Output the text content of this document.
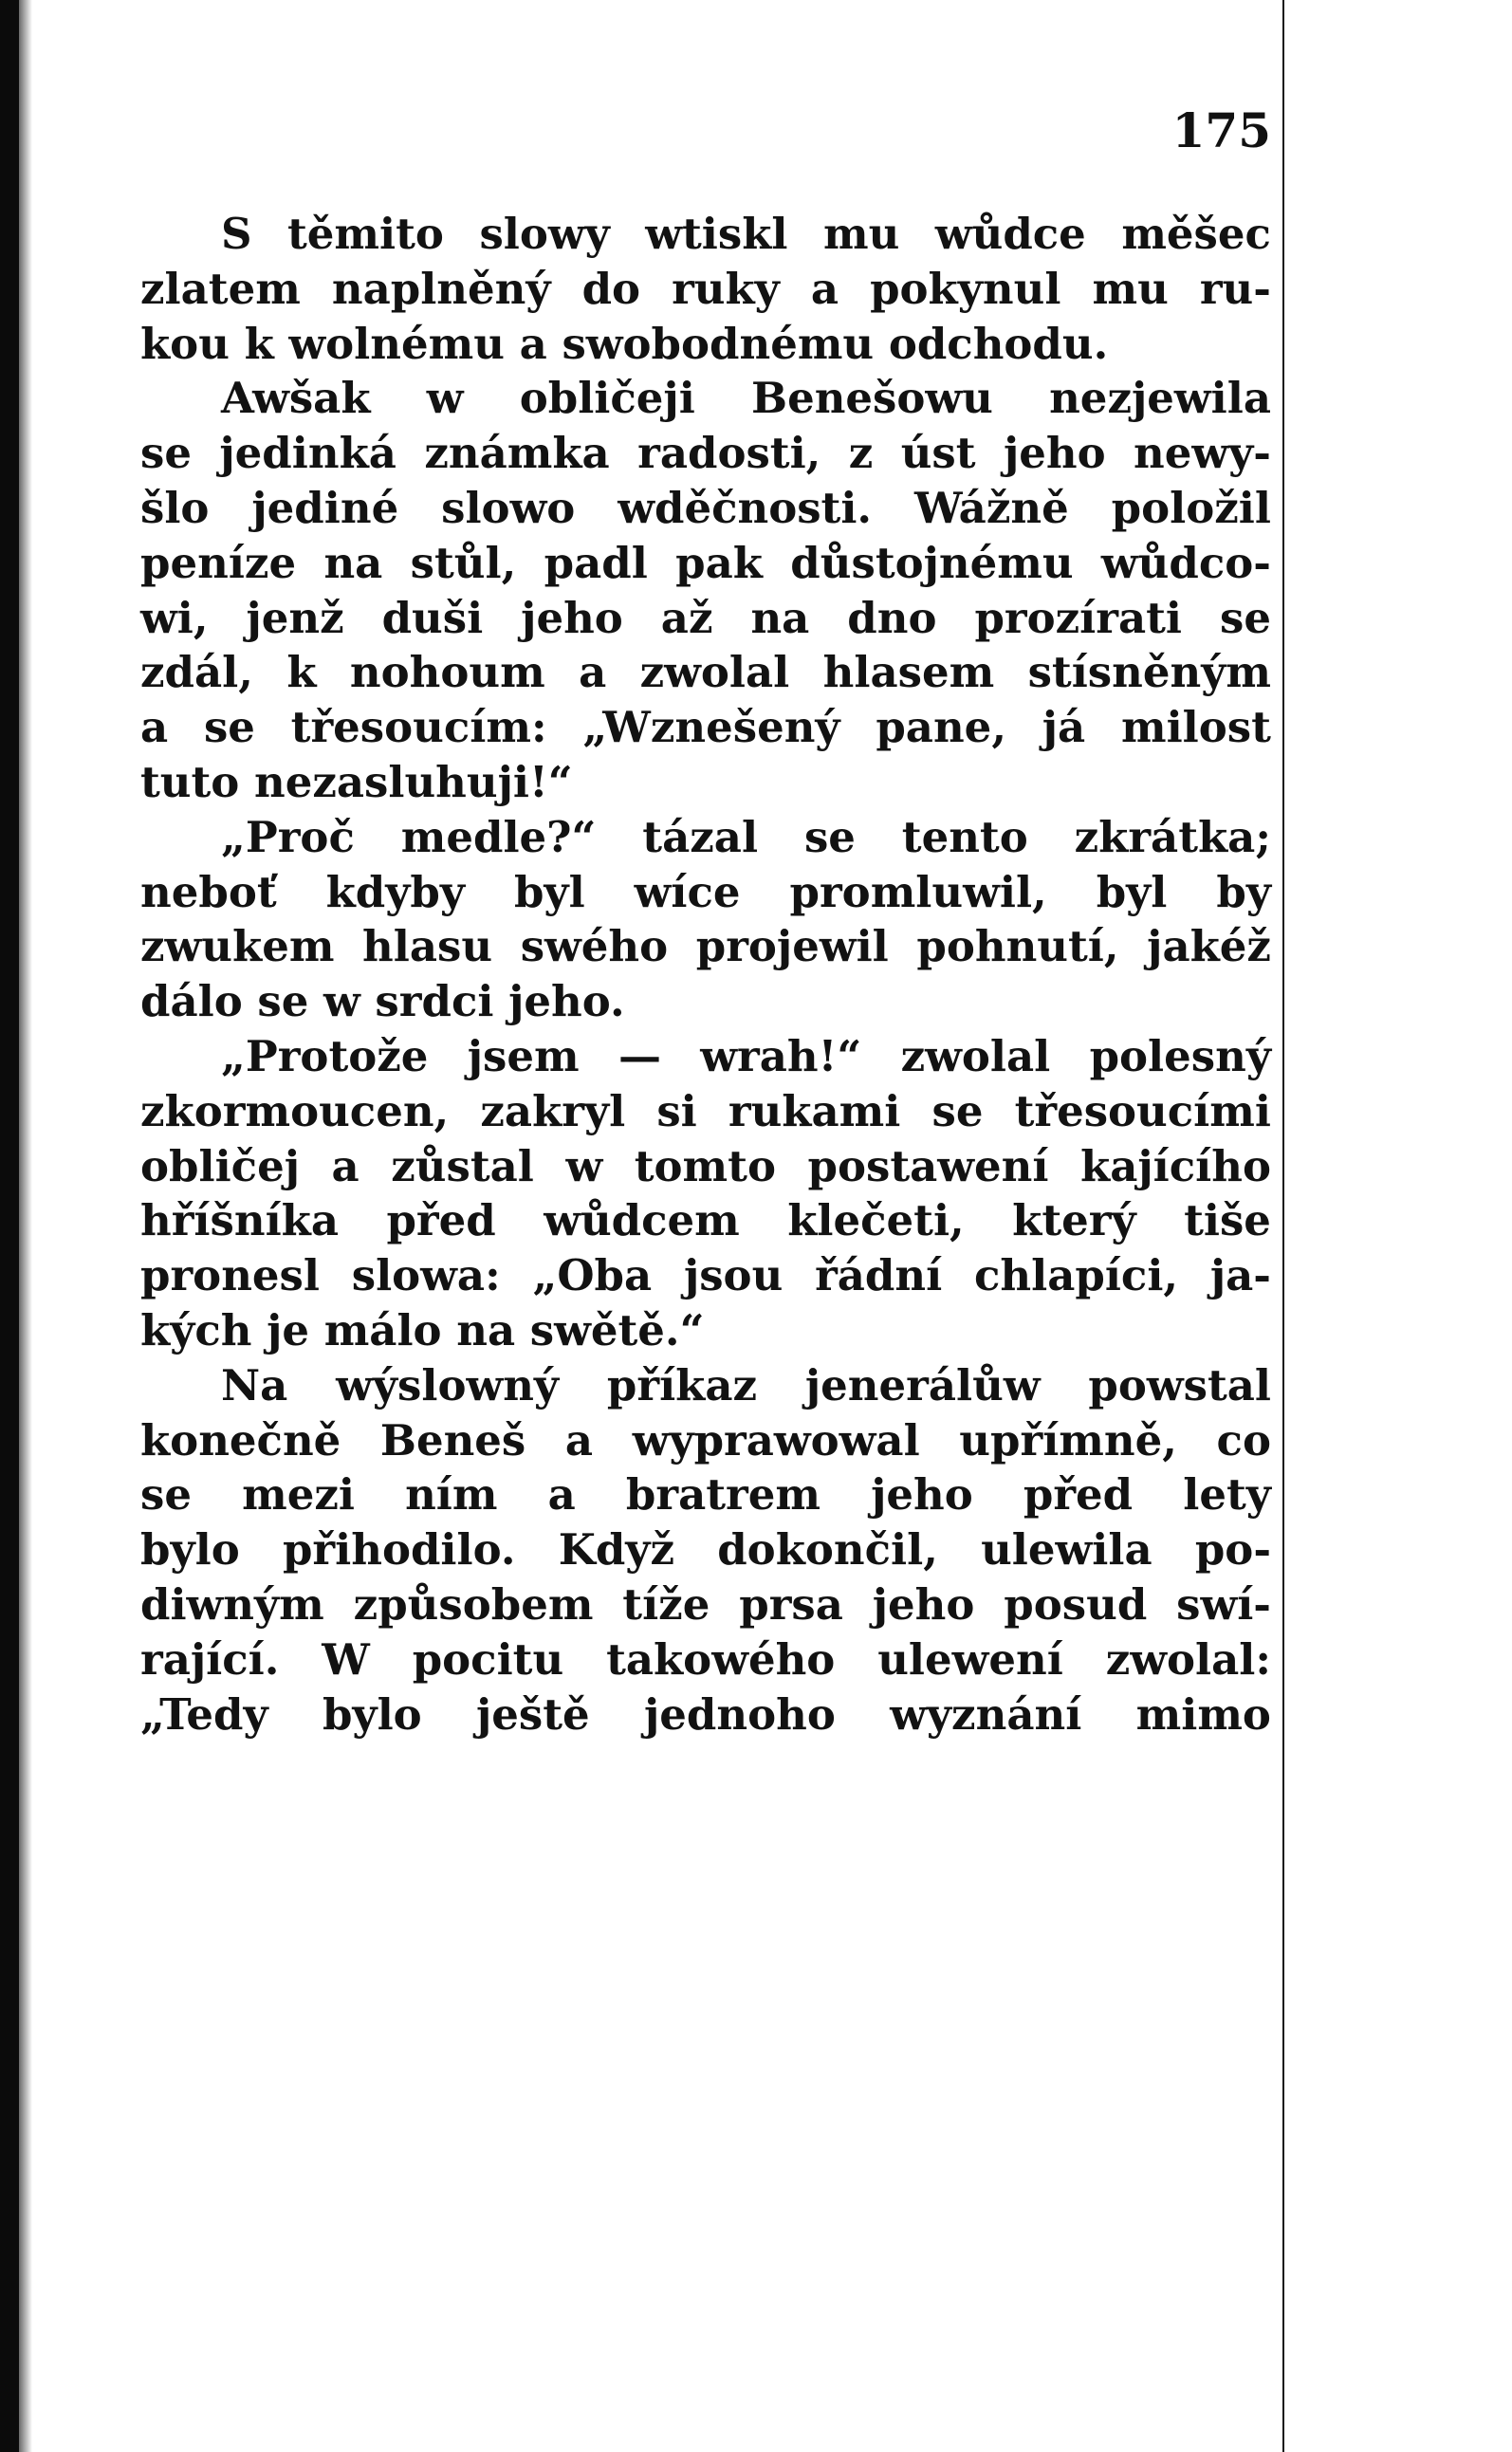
175
S těmito slowy wtiskl mu wůdce měšec
zlatem naplněný do ruky a pokynul mu ru-
kou k wolnému a swobodnému odchodu.
Awšak w obličeji Benešowu nezjewila
se jedinká známka radosti, z úst jeho newy-
šlo jediné slowo wděčnosti. Wážně položil
peníze na stůl, padl pak důstojnému wůdco-
wi, jenž duši jeho až na dno prozírati se
zdál, k nohoum a zwolal hlasem stísněným
a se třesoucím: „Wznešený pane, já milost
tuto nezasluhuji!“
„Proč medle?“ tázal se tento zkrátka;
neboť kdyby byl wíce promluwil, byl by
zwukem hlasu swého projewil pohnutí, jakéž
dálo se w srdci jeho.
„Protože jsem — wrah!“ zwolal polesný
zkormoucen, zakryl si rukami se třesoucími
obličej a zůstal w tomto postawení kajícího
hříšníka před wůdcem klečeti, který tiše
pronesl slowa: „Oba jsou řádní chlapíci, ja-
kých je málo na swětě.“
Na wýslowný příkaz jenerálůw powstal
konečně Beneš a wyprawowal upřímně, co
se mezi ním a bratrem jeho před lety
bylo přihodilo. Když dokončil, ulewila po-
diwným způsobem tíže prsa jeho posud swí-
rající. W pocitu takowého ulewení zwolal:
„Tedy bylo ještě jednoho wyznání mimo
